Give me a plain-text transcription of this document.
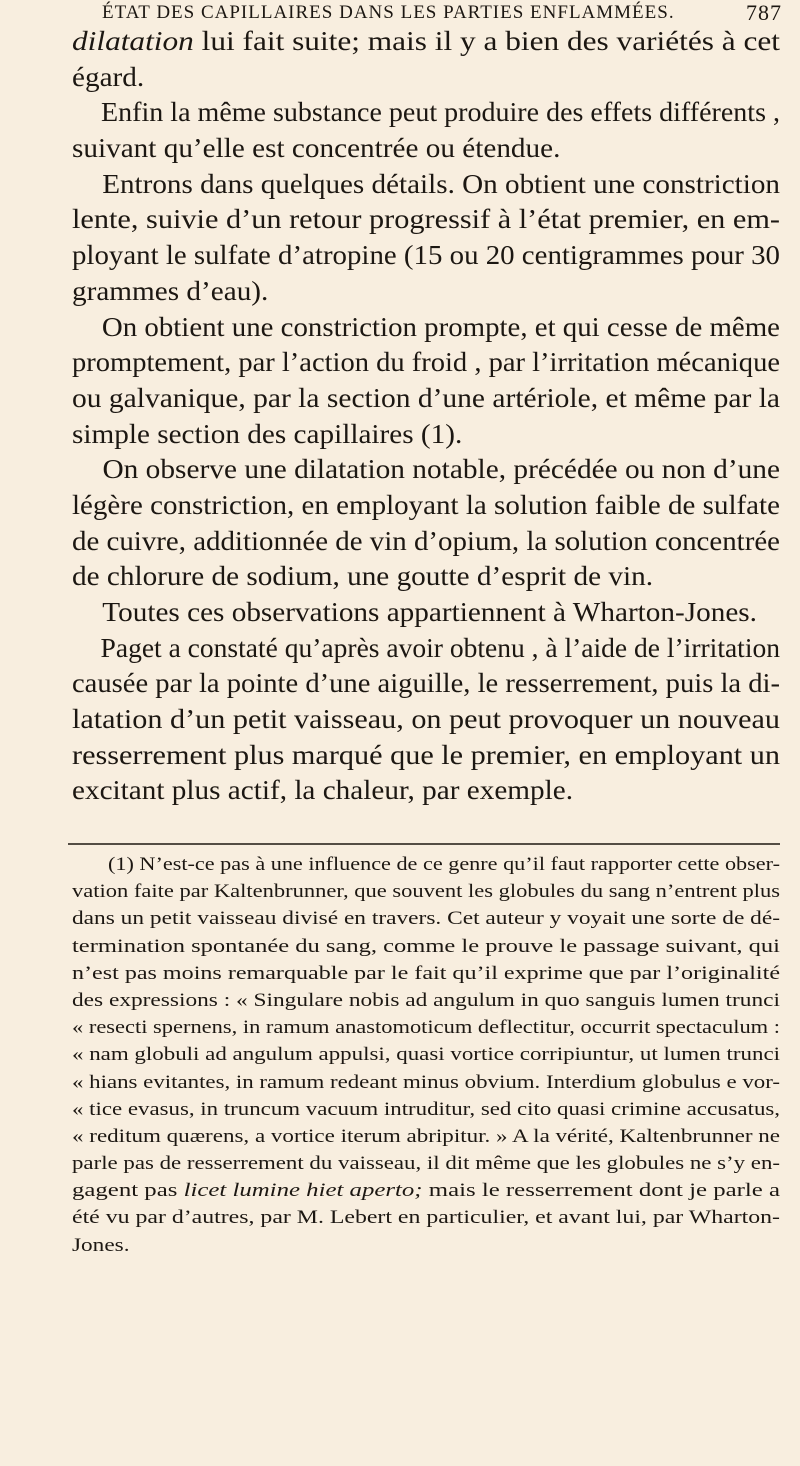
ÉTAT DES CAPILLAIRES DANS LES PARTIES ENFLAMMÉES.	787
dilatation lui fait suite; mais il y a bien des variétés à cet
égard.
Enfin la même substance peut produire des effets différents ,
suivant qu’elle est concentrée ou étendue.
Entrons dans quelques détails. On obtient une constriction
lente, suivie d’un retour progressif à l’état premier, en em-
ployant le sulfate d’atropine (15 ou 20 centigrammes pour 30
grammes d’eau).
On obtient une constriction prompte, et qui cesse de même
promptement, par l’action du froid , par l’irritation mécanique
ou galvanique, par la section d’une artériole, et même par la
simple section des capillaires (1).
On observe une dilatation notable, précédée ou non d’une
légère constriction, en employant la solution faible de sulfate
de cuivre, additionnée de vin d’opium, la solution concentrée
de chlorure de sodium, une goutte d’esprit de vin.
Toutes ces observations appartiennent à Wharton-Jones.
Paget a constaté qu’après avoir obtenu , à l’aide de l’irritation
causée par la pointe d’une aiguille, le resserrement, puis la di-
latation d’un petit vaisseau, on peut provoquer un nouveau
resserrement plus marqué que le premier, en employant un
excitant plus actif, la chaleur, par exemple.
(1) N’est-ce pas à une influence de ce genre qu’il faut rapporter cette obser-
vation faite par Kaltenbrunner, que souvent les globules du sang n’entrent plus
dans un petit vaisseau divisé en travers. Cet auteur y voyait une sorte de dé-
termination spontanée du sang, comme le prouve le passage suivant, qui
n’est pas moins remarquable par le fait qu’il exprime que par l’originalité
des expressions : « Singulare nobis ad angulum in quo sanguis lumen trunci
« resecti spernens, in ramum anastomoticum deflectitur, occurrit spectaculum :
« nam globuli ad angulum appulsi, quasi vortice corripiuntur, ut lumen trunci
« hians evitantes, in ramum redeant minus obvium. Interdium globulus e vor-
« tice evasus, in truncum vacuum intruditur, sed cito quasi crimine accusatus,
« reditum quærens, a vortice iterum abripitur. » A la vérité, Kaltenbrunner ne
parle pas de resserrement du vaisseau, il dit même que les globules ne s’y en-
gagent pas licet lumine hiet aperto; mais le resserrement dont je parle a
été vu par d’autres, par M. Lebert en particulier, et avant lui, par Wharton-
Jones.
